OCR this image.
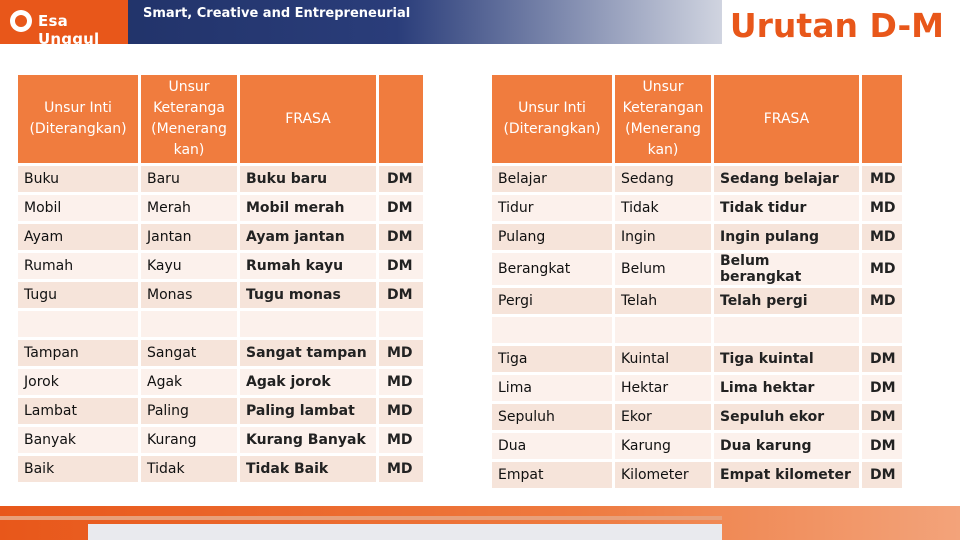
Esa Unggul
Smart, Creative and Entrepreneurial	Urutan D-M
Unsur Inti (Diterangkan)	Unsur Keteranga (Menerang kan)	FRASA	
Buku	Baru	Buku baru	DM
Mobil	Merah	Mobil merah	DM
Ayam	Jantan	Ayam jantan	DM
Rumah	Kayu	Rumah kayu	DM
Tugu	Monas	Tugu monas	DM

Tampan	Sangat	Sangat tampan	MD
Jorok	Agak	Agak jorok	MD
Lambat	Paling	Paling lambat	MD
Banyak	Kurang	Kurang Banyak	MD
Baik	Tidak	Tidak Baik	MD
Unsur Inti (Diterangkan)	Unsur Keterangan (Menerang kan)	FRASA	
Belajar	Sedang	Sedang belajar	MD
Tidur	Tidak	Tidak tidur	MD
Pulang	Ingin	Ingin pulang	MD
Berangkat	Belum	Belum berangkat	MD
Pergi	Telah	Telah pergi	MD

Tiga	Kuintal	Tiga kuintal	DM
Lima	Hektar	Lima hektar	DM
Sepuluh	Ekor	Sepuluh ekor	DM
Dua	Karung	Dua karung	DM
Empat	Kilometer	Empat kilometer	DM
